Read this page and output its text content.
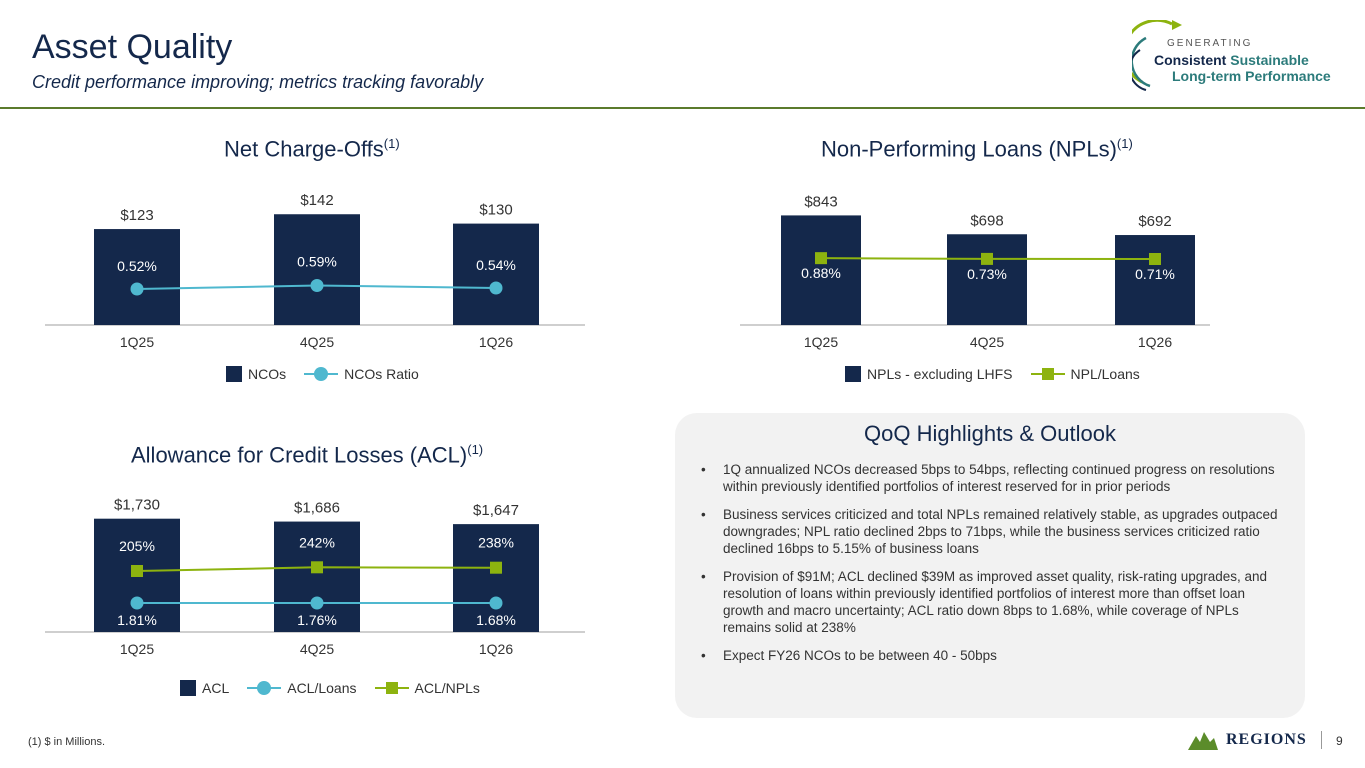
Asset Quality
Credit performance improving; metrics tracking favorably
GENERATING
Consistent Sustainable
Long-term Performance
Net Charge-Offs$^{(1)}$
$123
$142
$130
1Q25	4Q25	1Q26
0.52%	0.59%	0.54%
NCOs	NCOs Ratio
Non-Performing Loans (NPLs)$^{(1)}$
$843
$698	$692
1Q25	4Q25	1Q26
0.88%	0.73%	0.71%
NPLs - excluding LHFS	NPL/Loans
Allowance for Credit Losses (ACL)$^{(1)}$
$1,730	$1,686	$1,647
1Q25	4Q25	1Q26
1.81%	1.76%	1.68%
205%	242%	238%
ACL	ACL/Loans	ACL/NPLs
QoQ Highlights & Outlook
• 1Q annualized NCOs decreased 5bps to 54bps, reflecting continued progress on resolutions within previously identified portfolios of interest reserved for in prior periods
• Business services criticized and total NPLs remained relatively stable, as upgrades outpaced downgrades; NPL ratio declined 2bps to 71bps, while the business services criticized ratio declined 16bps to 5.15% of business loans
• Provision of $91M; ACL declined $39M as improved asset quality, risk-rating upgrades, and resolution of loans within previously identified portfolios of interest more than offset loan growth and macro uncertainty; ACL ratio down 8bps to 1.68%, while coverage of NPLs remains solid at 238%
• Expect FY26 NCOs to be between 40 - 50bps
(1) $ in Millions.	REGIONS 9
